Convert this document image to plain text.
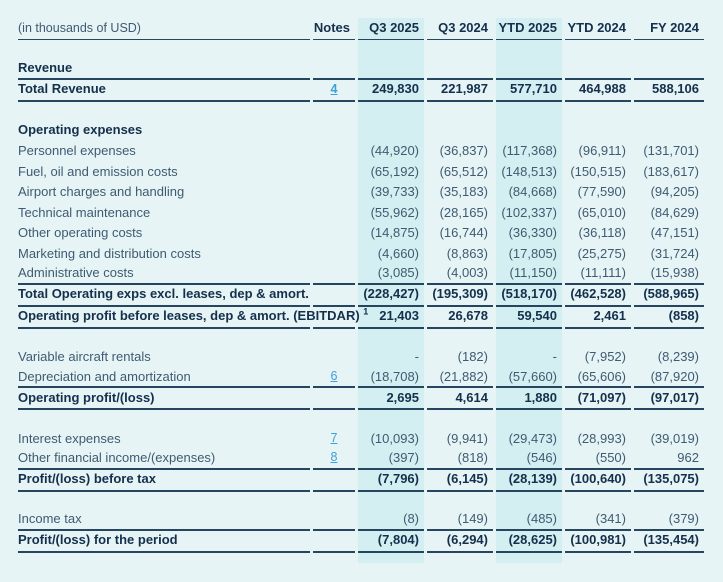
(in thousands of USD)	Notes	Q3 2025	Q3 2024	YTD 2025	YTD 2024	FY 2024

Revenue						
Total Revenue	4	249,830	221,987	577,710	464,988	588,106

Operating expenses						
Personnel expenses		(44,920)	(36,837)	(117,368)	(96,911)	(131,701)
Fuel, oil and emission costs		(65,192)	(65,512)	(148,513)	(150,515)	(183,617)
Airport charges and handling		(39,733)	(35,183)	(84,668)	(77,590)	(94,205)
Technical maintenance		(55,962)	(28,165)	(102,337)	(65,010)	(84,629)
Other operating costs		(14,875)	(16,744)	(36,330)	(36,118)	(47,151)
Marketing and distribution costs		(4,660)	(8,863)	(17,805)	(25,275)	(31,724)
Administrative costs		(3,085)	(4,003)	(11,150)	(11,111)	(15,938)
Total Operating exps excl. leases, dep & amort.		(228,427)	(195,309)	(518,170)	(462,528)	(588,965)
Operating profit before leases, dep & amort. (EBITDAR) $^1$		21,403	26,678	59,540	2,461	(858)

Variable aircraft rentals		-	(182)	-	(7,952)	(8,239)
Depreciation and amortization	6	(18,708)	(21,882)	(57,660)	(65,606)	(87,920)
Operating profit/(loss)		2,695	4,614	1,880	(71,097)	(97,017)

Interest expenses	7	(10,093)	(9,941)	(29,473)	(28,993)	(39,019)
Other financial income/(expenses)	8	(397)	(818)	(546)	(550)	962
Profit/(loss) before tax		(7,796)	(6,145)	(28,139)	(100,640)	(135,075)

Income tax		(8)	(149)	(485)	(341)	(379)
Profit/(loss) for the period		(7,804)	(6,294)	(28,625)	(100,981)	(135,454)
